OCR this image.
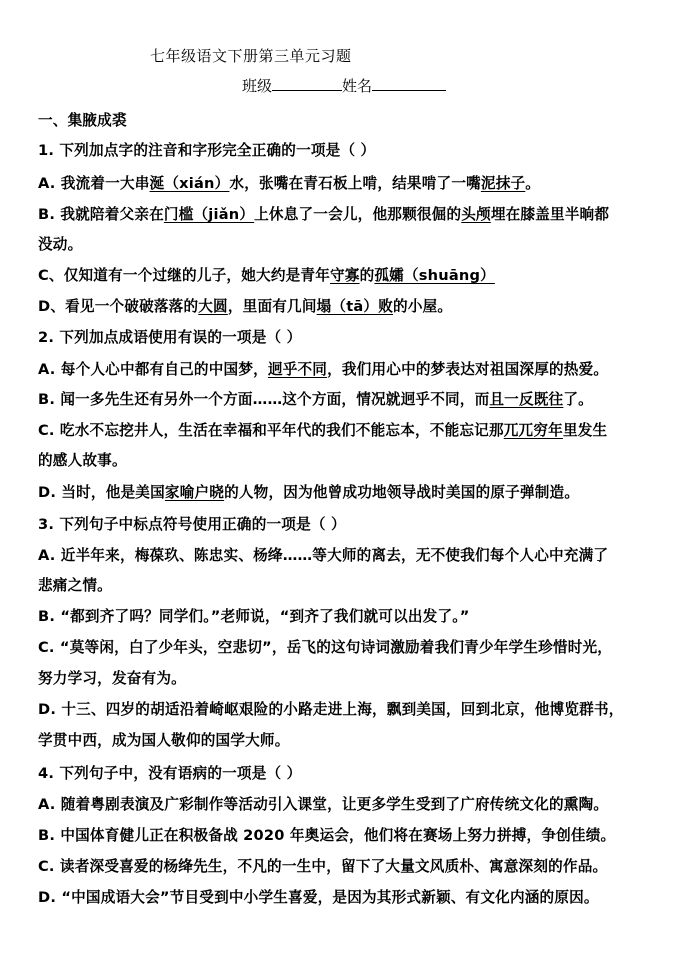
七年级语文下册第三单元习题
班级	姓名
一、集腋成裘
1. 下列加点字的注音和字形完全正确的一项是（ ）
A. 我流着一大串涎（xián）水，张嘴在青石板上啃，结果啃了一嘴泥抹子。
B. 我就陪着父亲在门槛（jiǎn）上休息了一会儿，他那颗很倔的头颅埋在膝盖里半晌都
没动。
C、仅知道有一个过继的儿子，她大约是青年守寡的孤孀（shuāng）
D、看见一个破破落落的大圆，里面有几间塌（tā）败的小屋。
2. 下列加点成语使用有误的一项是（ ）
A. 每个人心中都有自己的中国梦，迥乎不同，我们用心中的梦表达对祖国深厚的热爱。
B. 闻一多先生还有另外一个方面……这个方面，情况就迥乎不同，而且一反既往了。
C. 吃水不忘挖井人，生活在幸福和平年代的我们不能忘本，不能忘记那兀兀穷年里发生
的感人故事。
D. 当时，他是美国家喻户晓的人物，因为他曾成功地领导战时美国的原子弹制造。
3. 下列句子中标点符号使用正确的一项是（ ）
A. 近半年来，梅葆玖、陈忠实、杨绛……等大师的离去，无不使我们每个人心中充满了
悲痛之情。
B. “都到齐了吗？同学们。”老师说，“到齐了我们就可以出发了。”
C. “莫等闲，白了少年头，空悲切”，岳飞的这句诗词激励着我们青少年学生珍惜时光，
努力学习，发奋有为。
D. 十三、四岁的胡适沿着崎岖艰险的小路走进上海，飘到美国，回到北京，他博览群书，
学贯中西，成为国人敬仰的国学大师。
4. 下列句子中，没有语病的一项是（ ）
A. 随着粤剧表演及广彩制作等活动引入课堂，让更多学生受到了广府传统文化的熏陶。
B. 中国体育健儿正在积极备战 2020 年奥运会，他们将在赛场上努力拼搏，争创佳绩。
C. 读者深受喜爱的杨绛先生，不凡的一生中，留下了大量文风质朴、寓意深刻的作品。
D. “中国成语大会”节目受到中小学生喜爱，是因为其形式新颖、有文化内涵的原因。
